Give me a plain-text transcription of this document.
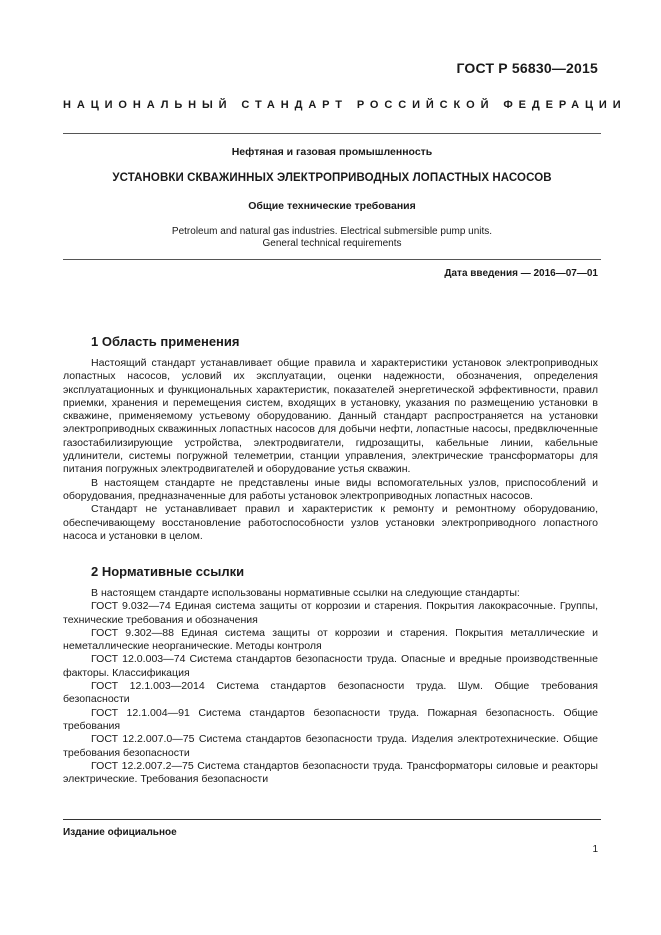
ГОСТ Р 56830—2015
НАЦИОНАЛЬНЫЙ СТАНДАРТ РОССИЙСКОЙ ФЕДЕРАЦИИ
Нефтяная и газовая промышленность
УСТАНОВКИ СКВАЖИННЫХ ЭЛЕКТРОПРИВОДНЫХ ЛОПАСТНЫХ НАСОСОВ
Общие технические требования
Petroleum and natural gas industries. Electrical submersible pump units.
General technical requirements
Дата введения — 2016—07—01
1 Область применения

Настоящий стандарт устанавливает общие правила и характеристики установок электроприводных лопастных насосов, условий их эксплуатации, оценки надежности, обозначения, определения эксплуатационных и функциональных характеристик, показателей энергетической эффективности, правил приемки, хранения и перемещения систем, входящих в установку, указания по размещению установки в скважине, применяемому устьевому оборудованию. Данный стандарт распространяется на установки электроприводных скважинных лопастных насосов для добычи нефти, лопастные насосы, предвключенные газостабилизирующие устройства, электродвигатели, гидрозащиты, кабельные линии, кабельные удлинители, системы погружной телеметрии, станции управления, электрические трансформаторы для питания погружных электродвигателей и оборудование устья скважин.

В настоящем стандарте не представлены иные виды вспомогательных узлов, приспособлений и оборудования, предназначенные для работы установок электроприводных лопастных насосов.

Стандарт не устанавливает правил и характеристик к ремонту и ремонтному оборудованию, обеспечивающему восстановление работоспособности узлов установки электроприводного лопастного насоса и установки в целом.

2 Нормативные ссылки

В настоящем стандарте использованы нормативные ссылки на следующие стандарты:

ГОСТ 9.032—74 Единая система защиты от коррозии и старения. Покрытия лакокрасочные. Группы, технические требования и обозначения

ГОСТ 9.302—88 Единая система защиты от коррозии и старения. Покрытия металлические и неметаллические неорганические. Методы контроля

ГОСТ 12.0.003—74 Система стандартов безопасности труда. Опасные и вредные производственные факторы. Классификация

ГОСТ 12.1.003—2014 Система стандартов безопасности труда. Шум. Общие требования безопасности

ГОСТ 12.1.004—91 Система стандартов безопасности труда. Пожарная безопасность. Общие требования

ГОСТ 12.2.007.0—75 Система стандартов безопасности труда. Изделия электротехнические. Общие требования безопасности

ГОСТ 12.2.007.2—75 Система стандартов безопасности труда. Трансформаторы силовые и реакторы электрические. Требования безопасности

Издание официальное
1
